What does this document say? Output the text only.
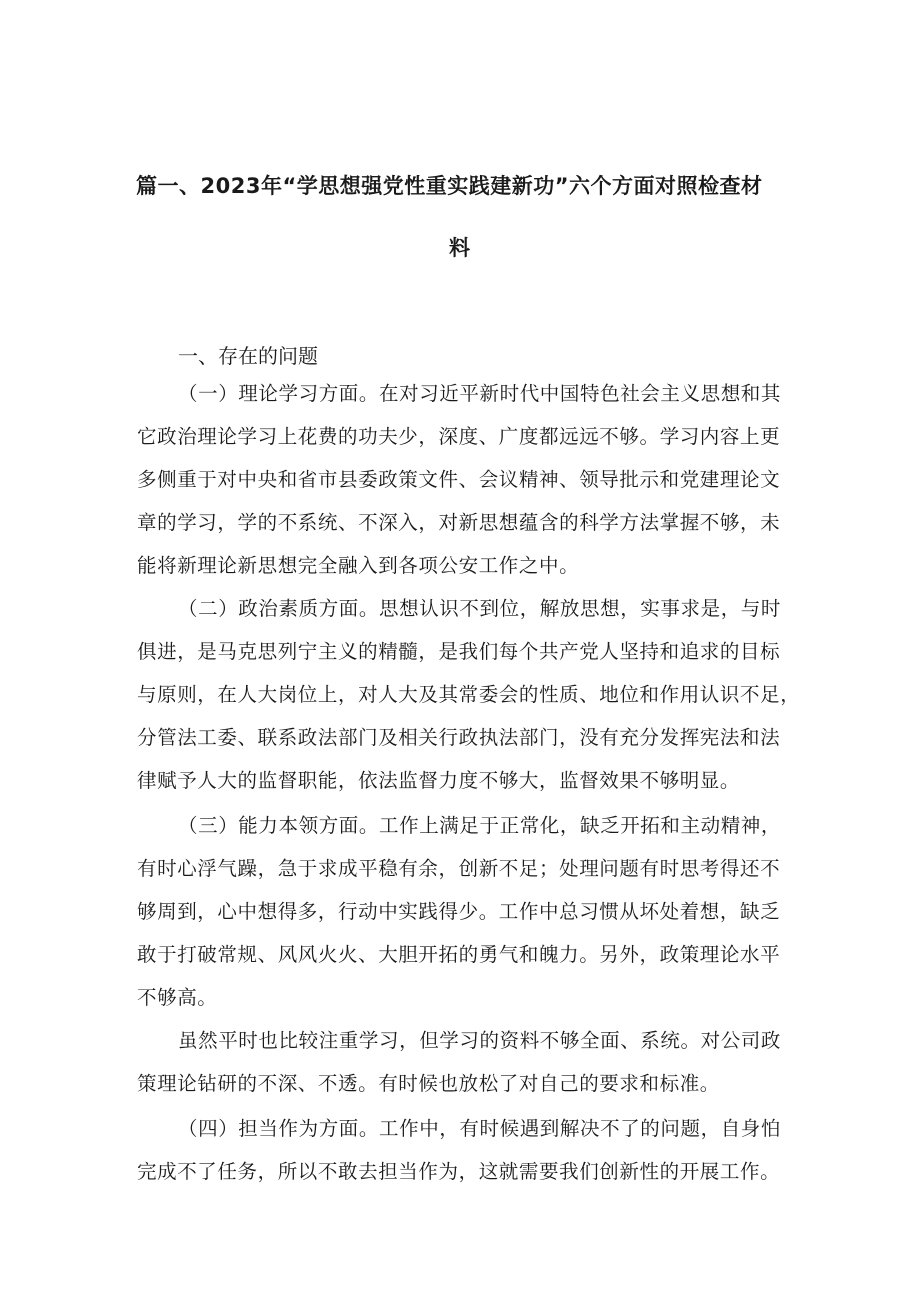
篇一、2023年“学思想强党性重实践建新功”六个方面对照检查材
料
一、存在的问题
（一）理论学习方面。在对习近平新时代中国特色社会主义思想和其
它政治理论学习上花费的功夫少，深度、广度都远远不够。学习内容上更
多侧重于对中央和省市县委政策文件、会议精神、领导批示和党建理论文
章的学习，学的不系统、不深入，对新思想蕴含的科学方法掌握不够，未
能将新理论新思想完全融入到各项公安工作之中。
（二）政治素质方面。思想认识不到位，解放思想，实事求是，与时
俱进，是马克思列宁主义的精髓，是我们每个共产党人坚持和追求的目标
与原则，在人大岗位上，对人大及其常委会的性质、地位和作用认识不足，
分管法工委、联系政法部门及相关行政执法部门，没有充分发挥宪法和法
律赋予人大的监督职能，依法监督力度不够大，监督效果不够明显。
（三）能力本领方面。工作上满足于正常化，缺乏开拓和主动精神，
有时心浮气躁，急于求成平稳有余，创新不足；处理问题有时思考得还不
够周到，心中想得多，行动中实践得少。工作中总习惯从坏处着想，缺乏
敢于打破常规、风风火火、大胆开拓的勇气和魄力。另外，政策理论水平
不够高。
虽然平时也比较注重学习，但学习的资料不够全面、系统。对公司政
策理论钻研的不深、不透。有时候也放松了对自己的要求和标准。
（四）担当作为方面。工作中，有时候遇到解决不了的问题，自身怕
完成不了任务，所以不敢去担当作为，这就需要我们创新性的开展工作。
